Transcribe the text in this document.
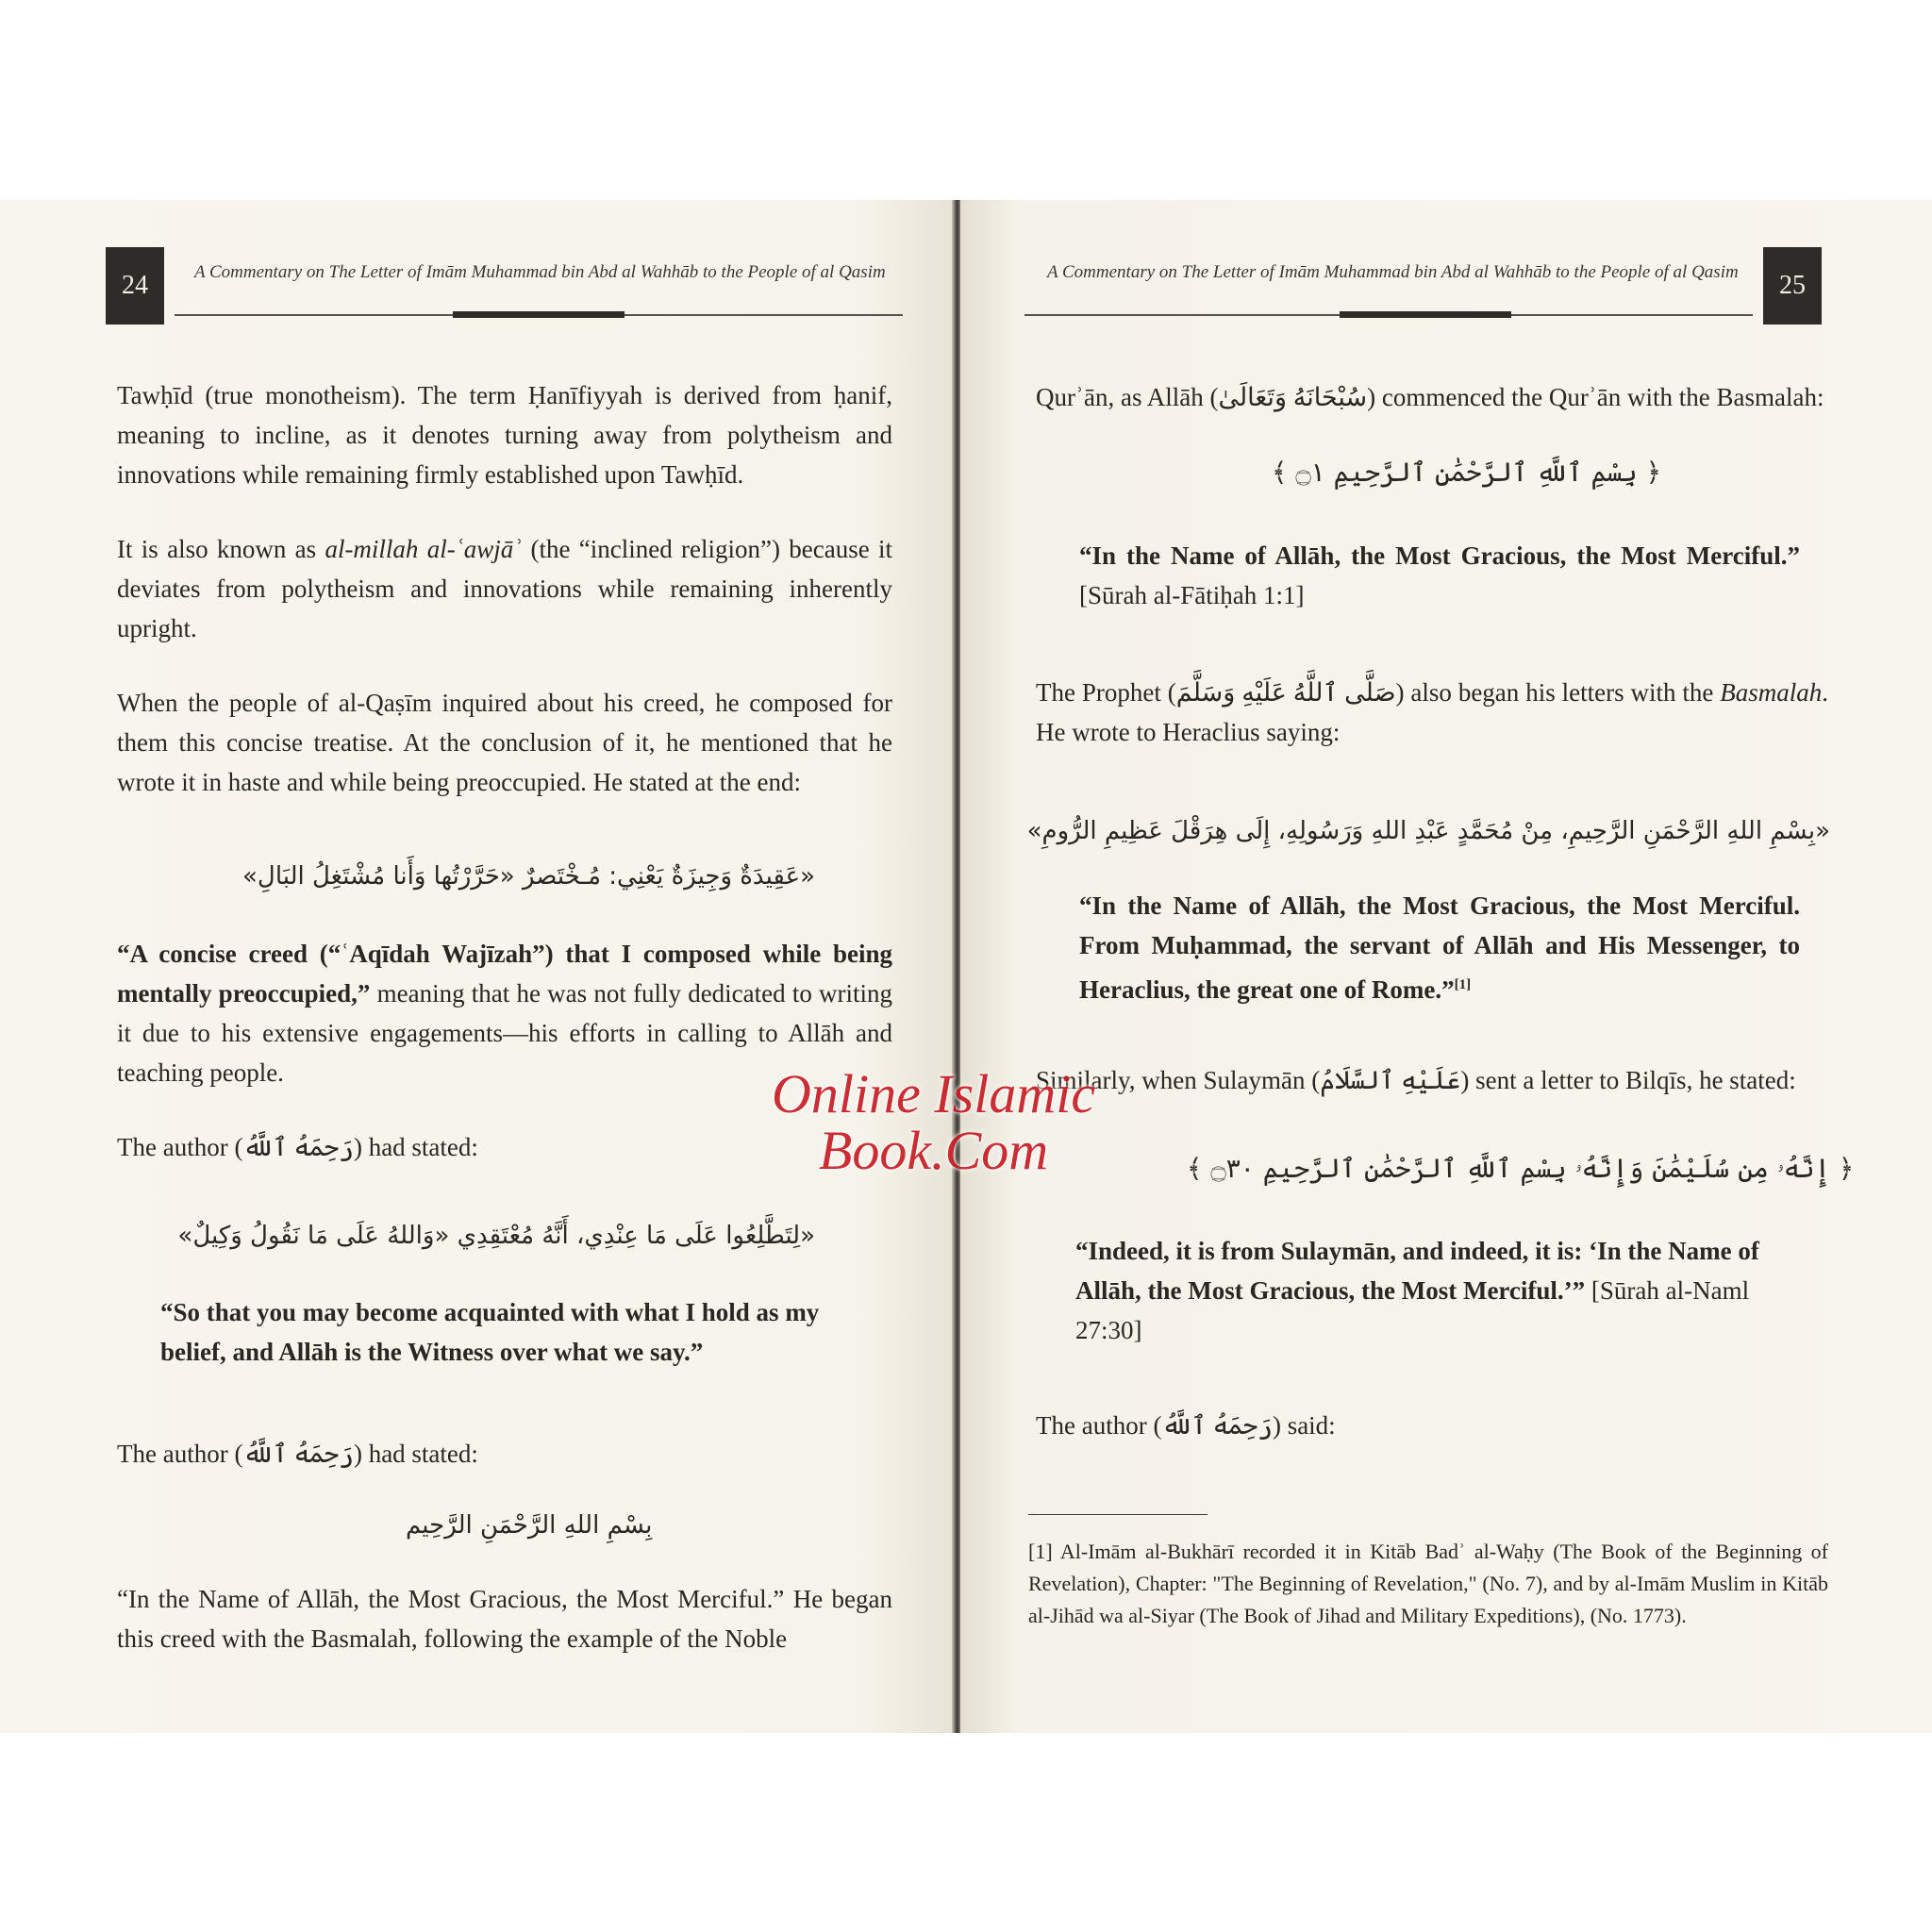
24	A Commentary on The Letter of Imām Muhammad bin Abd al Wahhāb to the People of al Qasim
Tawḥīd (true monotheism). The term Ḥanīfiyyah is derived from ḥanif, meaning to incline, as it denotes turning away from polytheism and innovations while remaining firmly established upon Tawḥīd.
It is also known as al-millah al-ʿawjāʾ (the “inclined religion”) because it deviates from polytheism and innovations while remaining inherently upright.
When the people of al-Qaṣīm inquired about his creed, he composed for them this concise treatise. At the conclusion of it, he mentioned that he wrote it in haste and while being preoccupied. He stated at the end:
«عَقِيدَةٌ وَجِيزَةٌ يَعْنِي: مُـخْتَصرٌ «حَرَّرْتُها وَأَنا مُشْتَغِلُ البَالِ»
“A concise creed (“ʿAqīdah Wajīzah”) that I composed while being mentally preoccupied,” meaning that he was not fully dedicated to writing it due to his extensive engagements—his efforts in calling to Allāh and teaching people.
The author (رَحِمَهُ ٱللَّهُ) had stated:
«لِتَطَّلِعُوا عَلَى مَا عِنْدِي، أَنَّهُ مُعْتَقِدِي «وَاللهُ عَلَى مَا نَقُولُ وَكِيلٌ»
“So that you may become acquainted with what I hold as my belief, and Allāh is the Witness over what we say.”
The author (رَحِمَهُ ٱللَّهُ) had stated:
بِسْمِ اللهِ الرَّحْمَنِ الرَّحِيم
“In the Name of Allāh, the Most Gracious, the Most Merciful.” He began this creed with the Basmalah, following the example of the Noble
25
A Commentary on The Letter of Imām Muhammad bin Abd al Wahhāb to the People of al Qasim
Qurʾān, as Allāh (سُبْحَانَهُ وَتَعَالَىٰ) commenced the Qurʾān with the Basmalah:
﴿ بِسْمِ ٱللَّهِ ٱلرَّحْمَٰنِ ٱلرَّحِيمِ ۝١ ﴾
“In the Name of Allāh, the Most Gracious, the Most Merciful.” [Sūrah al-Fātiḥah 1:1]
The Prophet (صَلَّى ٱللَّهُ عَلَيْهِ وَسَلَّمَ) also began his letters with the Basmalah. He wrote to Heraclius saying:
«بِسْمِ اللهِ الرَّحْمَنِ الرَّحِيمِ، مِنْ مُحَمَّدٍ عَبْدِ اللهِ وَرَسُولِهِ، إِلَى هِرَقْلَ عَظِيمِ الرُّومِ»
“In the Name of Allāh, the Most Gracious, the Most Merciful. From Muḥammad, the servant of Allāh and His Messenger, to Heraclius, the great one of Rome.”[1]
Similarly, when Sulaymān (عَلَيْهِ ٱلسَّلَامُ) sent a letter to Bilqīs, he stated:
﴿ إِنَّهُۥ مِن سُلَيْمَٰنَ وَإِنَّهُۥ بِسْمِ ٱللَّهِ ٱلرَّحْمَٰنِ ٱلرَّحِيمِ ۝٣٠ ﴾
“Indeed, it is from Sulaymān, and indeed, it is: ‘In the Name of Allāh, the Most Gracious, the Most Merciful.’” [Sūrah al-Naml 27:30]
The author (رَحِمَهُ ٱللَّهُ) said:
[1] Al-Imām al-Bukhārī recorded it in Kitāb Badʾ al-Waḥy (The Book of the Beginning of Revelation), Chapter: "The Beginning of Revelation," (No. 7), and by al-Imām Muslim in Kitāb al-Jihād wa al-Siyar (The Book of Jihad and Military Expeditions), (No. 1773).
Online Islamic
Book.Com
